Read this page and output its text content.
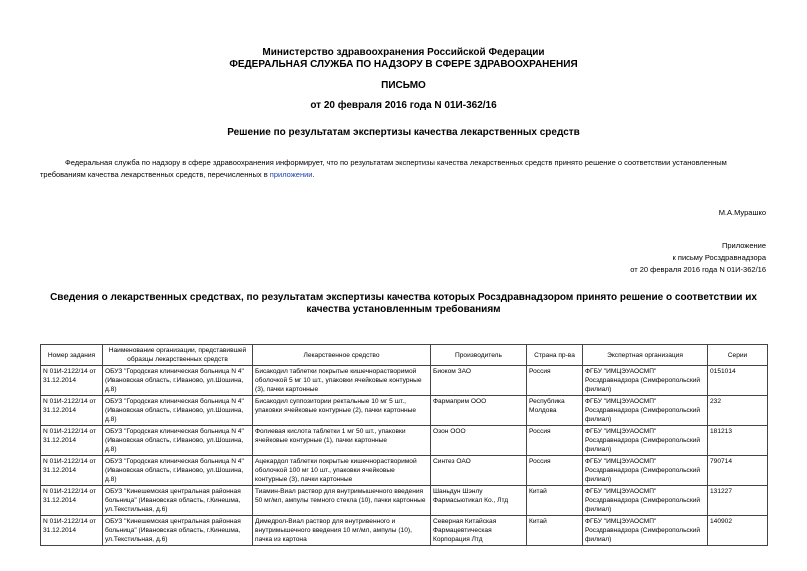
Министерство здравоохранения Российской Федерации
ФЕДЕРАЛЬНАЯ СЛУЖБА ПО НАДЗОРУ В СФЕРЕ ЗДРАВООХРАНЕНИЯ
ПИСЬМО
от 20 февраля 2016 года N 01И-362/16
Решение по результатам экспертизы качества лекарственных средств
Федеральная служба по надзору в сфере здравоохранения информирует, что по результатам экспертизы качества лекарственных средств принято решение о соответствии установленным требованиям качества лекарственных средств, перечисленных в приложении.
М.А.Мурашко
Приложение
к письму Росздравнадзора
от 20 февраля 2016 года N 01И-362/16
Сведения о лекарственных средствах, по результатам экспертизы качества которых Росздравнадзором принято решение о соответствии их качества установленным требованиям
Номер задания	Наименование организации, представившей образцы лекарственных средств	Лекарственное средство	Производитель	Страна пр-ва	Экспертная организация	Серии
N 01И-2122/14 от 31.12.2014	ОБУЗ "Городская клиническая больница N 4" (Ивановская область, г.Иваново, ул.Шошина, д.8)	Бисакодил таблетки покрытые кишечнорастворимой оболочкой 5 мг 10 шт., упаковки ячейковые контурные (3), пачки картонные	Биоком ЗАО	Россия	ФГБУ "ИМЦЭУАОСМП" Росздравнадзора (Симферопольский филиал)	0151014
N 01И-2122/14 от 31.12.2014	ОБУЗ "Городская клиническая больница N 4" (Ивановская область, г.Иваново, ул.Шошина, д.8)	Бисакодил суппозитории ректальные 10 мг 5 шт., упаковки ячейковые контурные (2), пачки картонные	Фармаприм ООО	Республика Молдова	ФГБУ "ИМЦЭУАОСМП" Росздравнадзора (Симферопольский филиал)	232
N 01И-2122/14 от 31.12.2014	ОБУЗ "Городская клиническая больница N 4" (Ивановская область, г.Иваново, ул.Шошина, д.8)	Фолиевая кислота таблетки 1 мг 50 шт., упаковки ячейковые контурные (1), пачки картонные	Озон ООО	Россия	ФГБУ "ИМЦЭУАОСМП" Росздравнадзора (Симферопольский филиал)	181213
N 01И-2122/14 от 31.12.2014	ОБУЗ "Городская клиническая больница N 4" (Ивановская область, г.Иваново, ул.Шошина, д.8)	Ацекардол таблетки покрытые кишечнорастворимой оболочкой 100 мг 10 шт., упаковки ячейковые контурные (3), пачки картонные	Синтез ОАО	Россия	ФГБУ "ИМЦЭУАОСМП" Росздравнадзора (Симферопольский филиал)	790714
N 01И-2122/14 от 31.12.2014	ОБУЗ "Кинешемская центральная районная больница" (Ивановская область, г.Кинешма, ул.Текстильная, д.6)	Тиамин-Виал раствор для внутримышечного введения 50 мг/мл, ампулы темного стекла (10), пачки картонные	Шаньдун Шэнлу Фармасьютикал Ко., Лтд	Китай	ФГБУ "ИМЦЭУАОСМП" Росздравнадзора (Симферопольский филиал)	131227
N 01И-2122/14 от 31.12.2014	ОБУЗ "Кинешемская центральная районная больница" (Ивановская область, г.Кинешма, ул.Текстильная, д.6)	Димедрол-Виал раствор для внутривенного и внутримышечного введения 10 мг/мл, ампулы (10), пачка из картона	Северная Китайская Фармацевтическая Корпорация Лтд	Китай	ФГБУ "ИМЦЭУАОСМП" Росздравнадзора (Симферопольский филиал)	140902
